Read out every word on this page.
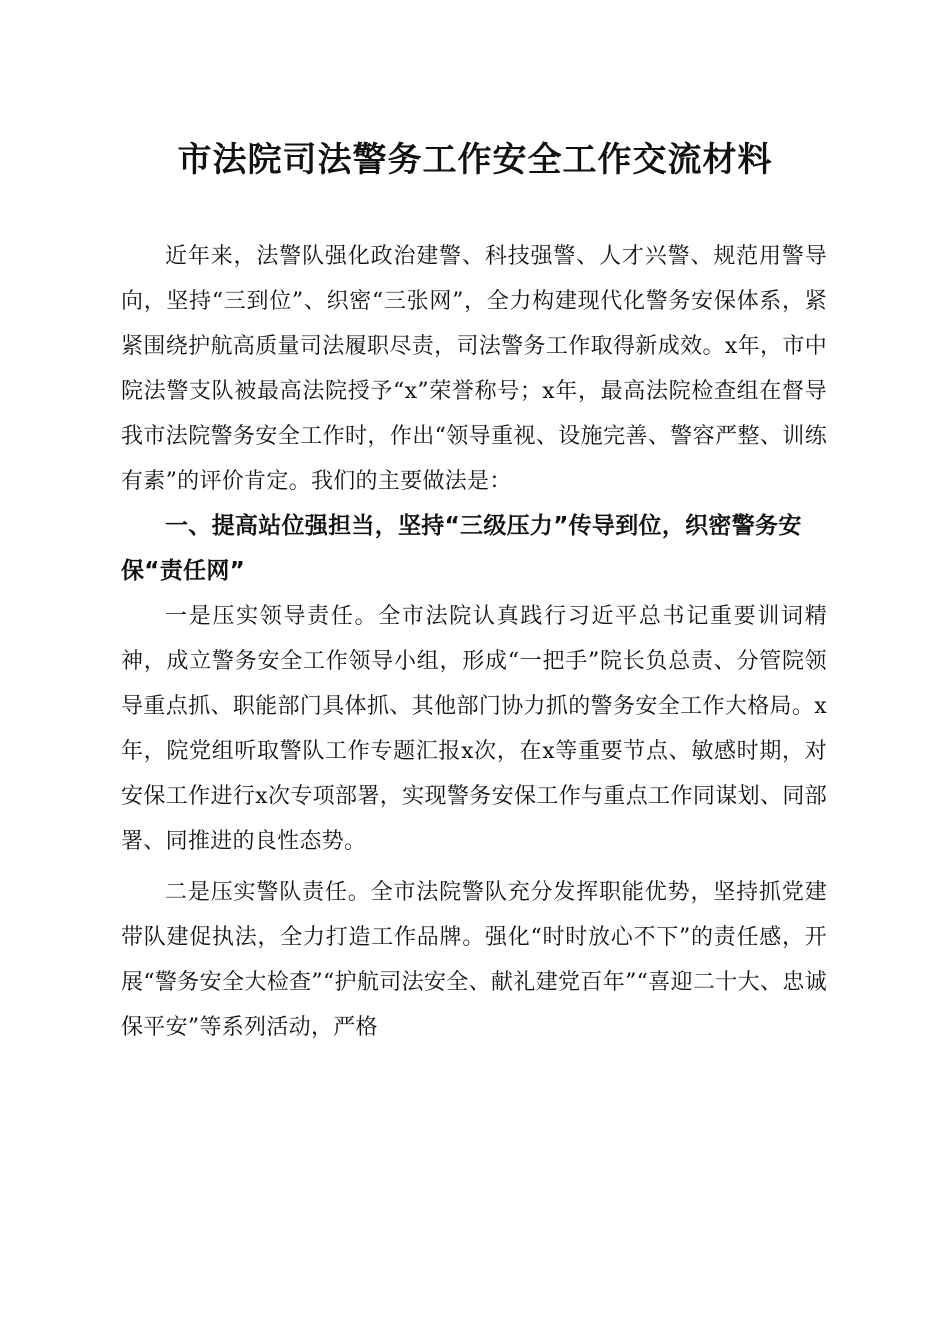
市法院司法警务工作安全工作交流材料

近年来，法警队强化政治建警、科技强警、人才兴警、规范用警导向，坚持“三到位”、织密“三张网”，全力构建现代化警务安保体系，紧紧围绕护航高质量司法履职尽责，司法警务工作取得新成效。x年，市中院法警支队被最高法院授予“x”荣誉称号；x年，最高法院检查组在督导我市法院警务安全工作时，作出“领导重视、设施完善、警容严整、训练有素”的评价肯定。我们的主要做法是：

一、提高站位强担当，坚持“三级压力”传导到位，织密警务安保“责任网”

一是压实领导责任。全市法院认真践行习近平总书记重要训词精神，成立警务安全工作领导小组，形成“一把手”院长负总责、分管院领导重点抓、职能部门具体抓、其他部门协力抓的警务安全工作大格局。x年，院党组听取警队工作专题汇报x次，在x等重要节点、敏感时期，对安保工作进行x次专项部署，实现警务安保工作与重点工作同谋划、同部署、同推进的良性态势。

二是压实警队责任。全市法院警队充分发挥职能优势，坚持抓党建带队建促执法，全力打造工作品牌。强化“时时放心不下”的责任感，开展“警务安全大检查”“护航司法安全、献礼建党百年”“喜迎二十大、忠诚保平安”等系列活动，严格
